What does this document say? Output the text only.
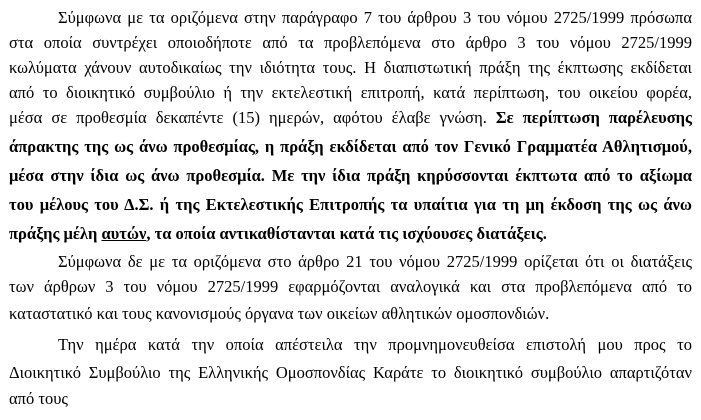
Σύμφωνα με τα οριζόμενα στην παράγραφο 7 του άρθρου 3 του νόμου 2725/1999 πρόσωπα
στα οποία συντρέχει οποιοδήποτε από τα προβλεπόμενα στο άρθρο 3 του νόμου 2725/1999
κωλύματα χάνουν αυτοδικαίως την ιδιότητα τους. Η διαπιστωτική πράξη της έκπτωσης εκδίδεται
από το διοικητικό συμβούλιο ή την εκτελεστική επιτροπή, κατά περίπτωση, του οικείου φορέα,
μέσα σε προθεσμία δεκαπέντε (15) ημερών, αφότου έλαβε γνώση. Σε περίπτωση παρέλευσης
άπρακτης της ως άνω προθεσμίας, η πράξη εκδίδεται από τον Γενικό Γραμματέα Αθλητισμού,
μέσα στην ίδια ως άνω προθεσμία. Με την ίδια πράξη κηρύσσονται έκπτωτα από το αξίωμα
του μέλους του Δ.Σ. ή της Εκτελεστικής Επιτροπής τα υπαίτια για τη μη έκδοση της ως άνω
πράξης μέλη αυτών, τα οποία αντικαθίστανται κατά τις ισχύουσες διατάξεις.
Σύμφωνα δε με τα οριζόμενα στο άρθρο 21 του νόμου 2725/1999 ορίζεται ότι οι διατάξεις
των άρθρων 3 του νόμου 2725/1999 εφαρμόζονται αναλογικά και στα προβλεπόμενα από το
καταστατικό και τους κανονισμούς όργανα των οικείων αθλητικών ομοσπονδιών.
Την ημέρα κατά την οποία απέστειλα την προμνημονευθείσα επιστολή μου προς το
Διοικητικό Συμβούλιο της Ελληνικής Ομοσπονδίας Καράτε το διοικητικό συμβούλιο απαρτιζόταν
από τους
